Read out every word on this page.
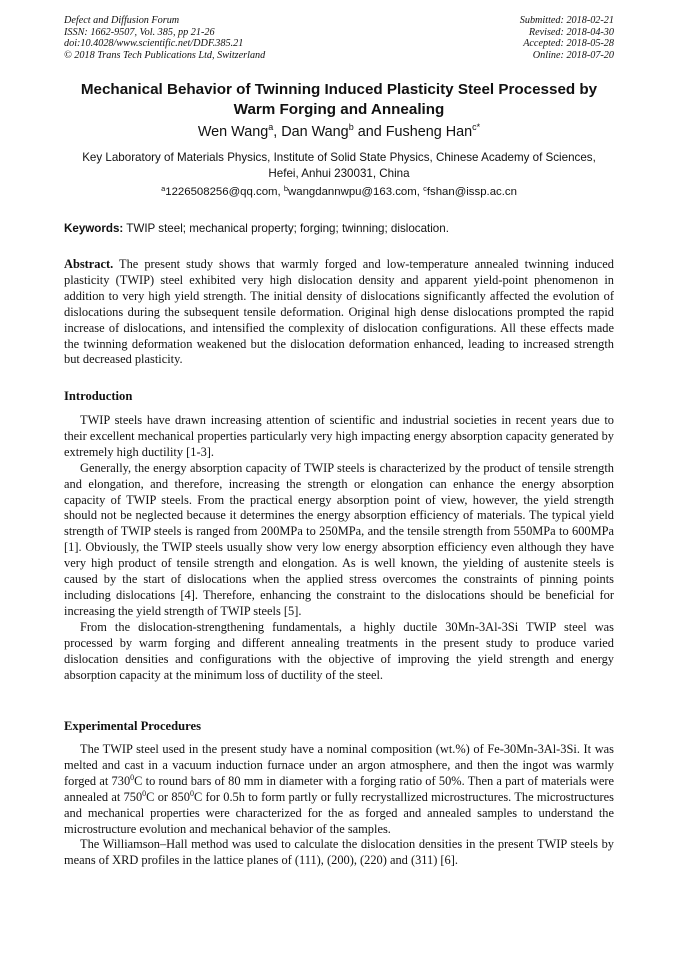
Defect and Diffusion Forum
ISSN: 1662-9507, Vol. 385, pp 21-26
doi:10.4028/www.scientific.net/DDF.385.21
© 2018 Trans Tech Publications Ltd, Switzerland
Submitted: 2018-02-21
Revised: 2018-04-30
Accepted: 2018-05-28
Online: 2018-07-20
Mechanical Behavior of Twinning Induced Plasticity Steel Processed by
Warm Forging and Annealing
Wen Wang$^a$, Dan Wang$^b$ and Fusheng Han$^{c*}$
Key Laboratory of Materials Physics, Institute of Solid State Physics, Chinese Academy of Sciences,
Hefei, Anhui 230031, China
$^a$1226508256@qq.com, $^b$wangdannwpu@163.com, $^c$fshan@issp.ac.cn
Keywords: TWIP steel; mechanical property; forging; twinning; dislocation.
Abstract. The present study shows that warmly forged and low-temperature annealed twinning induced plasticity (TWIP) steel exhibited very high dislocation density and apparent yield-point phenomenon in addition to very high yield strength. The initial density of dislocations significantly affected the evolution of dislocations during the subsequent tensile deformation. Original high dense dislocations prompted the rapid increase of dislocations, and intensified the complexity of dislocation configurations. All these effects made the twinning deformation weakened but the dislocation deformation enhanced, leading to increased strength but decreased plasticity.
Introduction

TWIP steels have drawn increasing attention of scientific and industrial societies in recent years due to their excellent mechanical properties particularly very high impacting energy absorption capacity generated by extremely high ductility [1-3].

Generally, the energy absorption capacity of TWIP steels is characterized by the product of tensile strength and elongation, and therefore, increasing the strength or elongation can enhance the energy absorption capacity of TWIP steels. From the practical energy absorption point of view, however, the yield strength should not be neglected because it determines the energy absorption efficiency of materials. The typical yield strength of TWIP steels is ranged from 200MPa to 250MPa, and the tensile strength from 550MPa to 600MPa [1]. Obviously, the TWIP steels usually show very low energy absorption efficiency even although they have very high product of tensile strength and elongation. As is well known, the yielding of austenite steels is caused by the start of dislocations when the applied stress overcomes the constraints of pinning points including dislocations [4]. Therefore, enhancing the constraint to the dislocations should be beneficial for increasing the yield strength of TWIP steels [5].

From the dislocation-strengthening fundamentals, a highly ductile 30Mn-3Al-3Si TWIP steel was processed by warm forging and different annealing treatments in the present study to produce varied dislocation densities and configurations with the objective of improving the yield strength and energy absorption capacity at the minimum loss of ductility of the steel.

Experimental Procedures

The TWIP steel used in the present study have a nominal composition (wt.%) of Fe-30Mn-3Al-3Si. It was melted and cast in a vacuum induction furnace under an argon atmosphere, and then the ingot was warmly forged at $730^0C$ to round bars of 80 mm in diameter with a forging ratio of 50%. Then a part of materials were annealed at $750^0C$ or $850^0C$ for 0.5h to form partly or fully recrystallized microstructures. The microstructures and mechanical properties were characterized for the as forged and annealed samples to understand the microstructure evolution and mechanical behavior of the samples.

The Williamson–Hall method was used to calculate the dislocation densities in the present TWIP steels by means of XRD profiles in the lattice planes of (111), (200), (220) and (311) [6].
